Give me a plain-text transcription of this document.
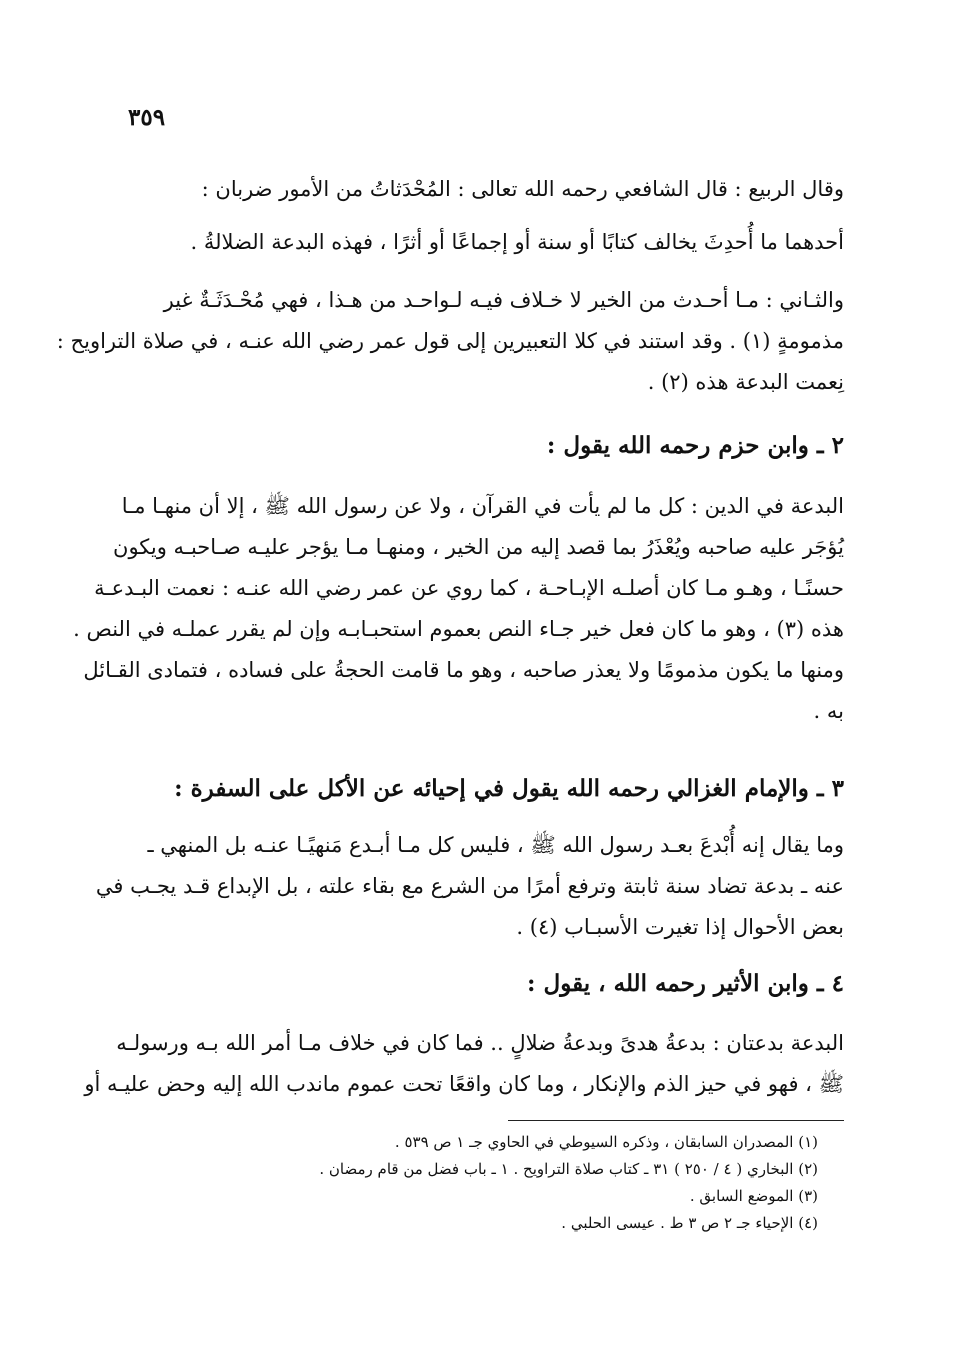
٣٥٩
وقال الربيع : قال الشافعي رحمه الله تعالى : المُحْدَثاتُ من الأمور ضربان :
أحدهما ما أُحدِثَ يخالف كتابًا أو سنة أو إجماعًا أو أثرًا ، فهذه البدعة الضلالةُ .
والثـاني : مـا أحـدث من الخير لا خـلاف فيـه لـواحـد من هـذا ، فهي مُحْـدَثَـةٌ غير
مذمومةٍ (١) . وقد استند في كلا التعبيرين إلى قول عمر رضي الله عنـه ، في صلاة التراويح :
نِعمت البدعة هذه (٢) .
٢ ـ وابن حزم رحمه الله يقول :
البدعة في الدين : كل ما لم يأت في القرآن ، ولا عن رسول الله ﷺ ، إلا أن منهـا مـا
يُؤجَر عليه صاحبه ويُعْذَرُ بما قصد إليه من الخير ، ومنهـا مـا يؤجر عليـه صـاحبـه ويكون
حسنًـا ، وهـو مـا كان أصلـه الإبـاحـة ، كما روي عن عمر رضي الله عنـه : نعمت البـدعـة
هذه (٣) ، وهو ما كان فعل خير جـاء النص بعموم استحبـابـه وإن لم يقرر عملـه في النص .
ومنها ما يكون مذمومًا ولا يعذر صاحبه ، وهو ما قامت الحجةُ على فساده ، فتمادى القـائل
به .
٣ ـ والإمام الغزالي رحمه الله يقول في إحيائه عن الأكل على السفرة :
وما يقال إنه أُبْدعَ بعـد رسول الله ﷺ ، فليس كل مـا أبـدع مَنهيًـا عنـه بل المنهي ـ
عنه ـ بدعة تضاد سنة ثابتة وترفع أمرًا من الشرع مع بقاء علته ، بل الإبداع قـد يجـب في
بعض الأحوال إذا تغيرت الأسبـاب (٤) .
٤ ـ وابن الأثير رحمه الله ، يقول :
البدعة بدعتان : بدعةُ هدىً وبدعةُ ضلالٍ .. فما كان في خلاف مـا أمر الله بـه ورسولـه
ﷺ ، فهو في حيز الذم والإنكار ، وما كان واقعًا تحت عموم ماندب الله إليه وحض عليـه أو
(١) المصدران السابقان ، وذكره السيوطي في الحاوي جـ ١ ص ٥٣٩ .
(٢) البخاري ( ٤ / ٢٥٠ ) ٣١ ـ كتاب صلاة التراويح . ١ ـ باب فضل من قام رمضان .
(٣) الموضع السابق .
(٤) الإحياء جـ ٢ ص ٣ ط . عيسى الحلبي .
